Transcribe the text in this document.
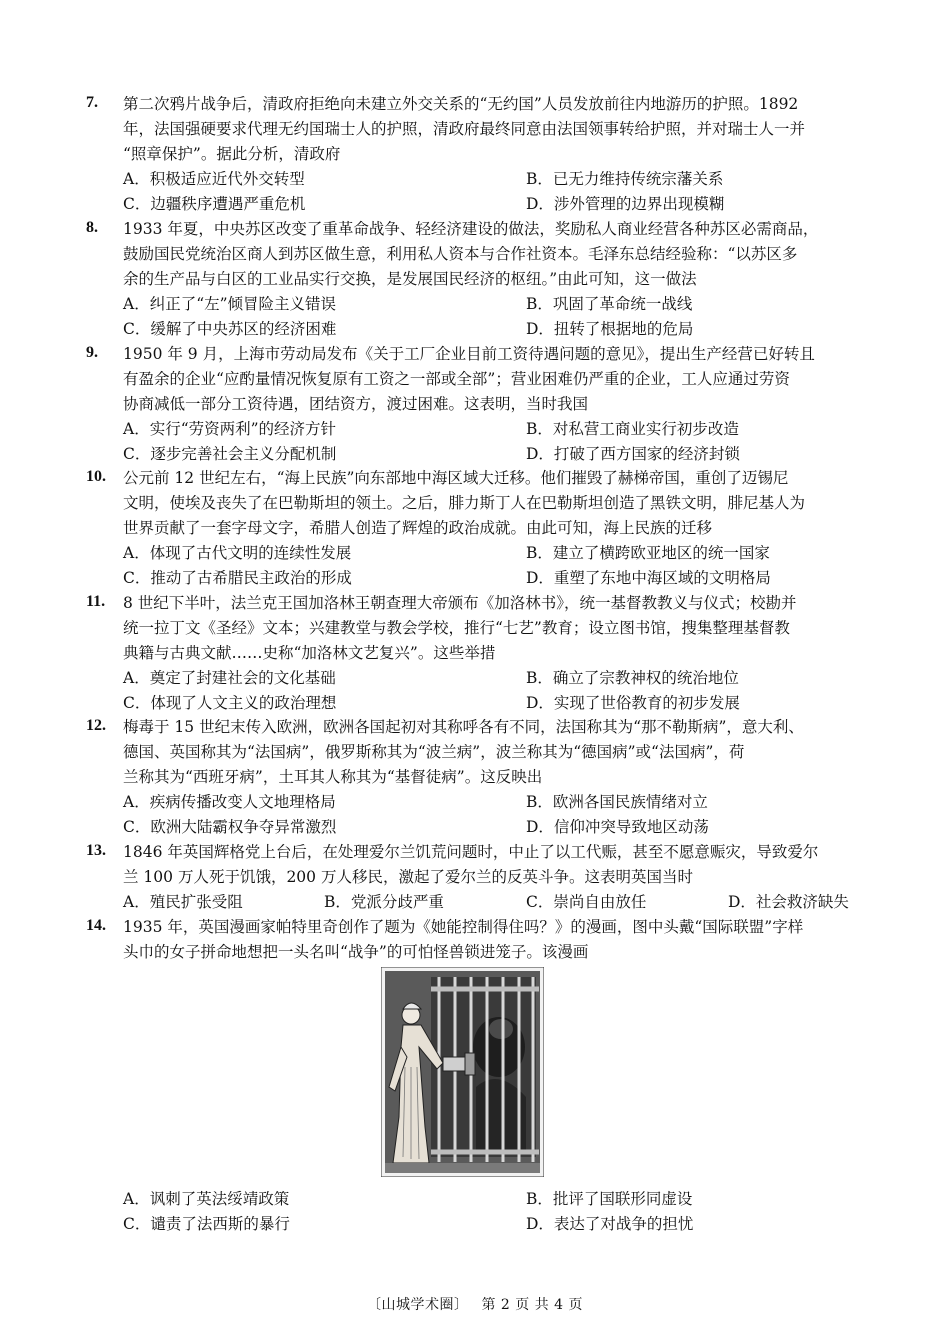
7.	第二次鸦片战争后，清政府拒绝向未建立外交关系的“无约国”人员发放前往内地游历的护照。1892

年，法国强硬要求代理无约国瑞士人的护照，清政府最终同意由法国领事转给护照，并对瑞士人一并

“照章保护”。据此分析，清政府

A．积极适应近代外交转型	B．已无力维持传统宗藩关系
C．边疆秩序遭遇严重危机	D．涉外管理的边界出现模糊
8.	1933 年夏，中央苏区改变了重革命战争、轻经济建设的做法，奖励私人商业经营各种苏区必需商品，

鼓励国民党统治区商人到苏区做生意，利用私人资本与合作社资本。毛泽东总结经验称：“以苏区多

余的生产品与白区的工业品实行交换，是发展国民经济的枢纽。”由此可知，这一做法

A．纠正了“左”倾冒险主义错误	B．巩固了革命统一战线
C．缓解了中央苏区的经济困难	D．扭转了根据地的危局
9.	1950 年 9 月，上海市劳动局发布《关于工厂企业目前工资待遇问题的意见》，提出生产经营已好转且

有盈余的企业“应酌量情况恢复原有工资之一部或全部”；营业困难仍严重的企业，工人应通过劳资

协商减低一部分工资待遇，团结资方，渡过困难。这表明，当时我国

A．实行“劳资两利”的经济方针	B．对私营工商业实行初步改造
C．逐步完善社会主义分配机制	D．打破了西方国家的经济封锁
10.	公元前 12 世纪左右，“海上民族”向东部地中海区域大迁移。他们摧毁了赫梯帝国，重创了迈锡尼

文明，使埃及丧失了在巴勒斯坦的领土。之后，腓力斯丁人在巴勒斯坦创造了黑铁文明，腓尼基人为

世界贡献了一套字母文字，希腊人创造了辉煌的政治成就。由此可知，海上民族的迁移

A．体现了古代文明的连续性发展	B．建立了横跨欧亚地区的统一国家
C．推动了古希腊民主政治的形成	D．重塑了东地中海区域的文明格局
11.	8 世纪下半叶，法兰克王国加洛林王朝查理大帝颁布《加洛林书》，统一基督教教义与仪式；校勘并

统一拉丁文《圣经》文本；兴建教堂与教会学校，推行“七艺”教育；设立图书馆，搜集整理基督教

典籍与古典文献……史称“加洛林文艺复兴”。这些举措

A．奠定了封建社会的文化基础	B．确立了宗教神权的统治地位
C．体现了人文主义的政治理想	D．实现了世俗教育的初步发展
12.	梅毒于 15 世纪末传入欧洲，欧洲各国起初对其称呼各有不同，法国称其为“那不勒斯病”，意大利、

德国、英国称其为“法国病”，俄罗斯称其为“波兰病”，波兰称其为“德国病”或“法国病”，荷

兰称其为“西班牙病”，土耳其人称其为“基督徒病”。这反映出

A．疾病传播改变人文地理格局	B．欧洲各国民族情绪对立
C．欧洲大陆霸权争夺异常激烈	D．信仰冲突导致地区动荡
13.	1846 年英国辉格党上台后，在处理爱尔兰饥荒问题时，中止了以工代赈，甚至不愿意赈灾，导致爱尔

兰 100 万人死于饥饿，200 万人移民，激起了爱尔兰的反英斗争。这表明英国当时

A．殖民扩张受阻	B．党派分歧严重	C．崇尚自由放任	D．社会救济缺失
14.	1935 年，英国漫画家帕特里奇创作了题为《她能控制得住吗？》的漫画，图中头戴“国际联盟”字样

头巾的女子拼命地想把一头名叫“战争”的可怕怪兽锁进笼子。该漫画

A．讽刺了英法绥靖政策	B．批评了国联形同虚设
C．谴责了法西斯的暴行	D．表达了对战争的担忧
〔山城学术圈〕 第 2 页 共 4 页
